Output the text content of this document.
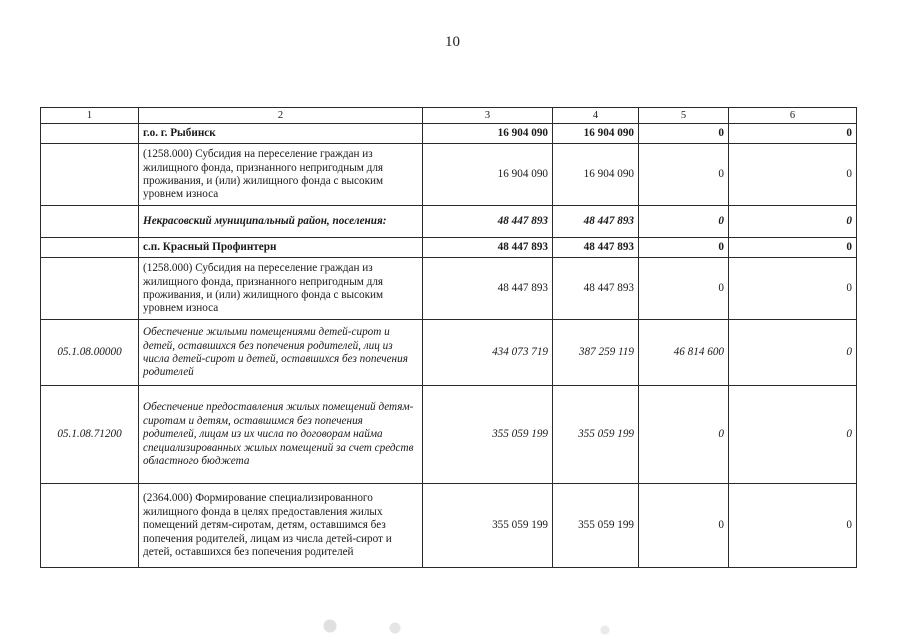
10
1	2	3	4	5	6
	г.о. г. Рыбинск	16 904 090	16 904 090	0	0
	(1258.000) Субсидия на переселение граждан из жилищного фонда, признанного непригодным для проживания, и (или) жилищного фонда с высоким уровнем износа	16 904 090	16 904 090	0	0
	Некрасовский муниципальный район, поселения:	48 447 893	48 447 893	0	0
	с.п. Красный Профинтерн	48 447 893	48 447 893	0	0
	(1258.000) Субсидия на переселение граждан из жилищного фонда, признанного непригодным для проживания, и (или) жилищного фонда с высоким уровнем износа	48 447 893	48 447 893	0	0
05.1.08.00000	Обеспечение жилыми помещениями детей-сирот и детей, оставшихся без попечения родителей, лиц из числа детей-сирот и детей, оставшихся без попечения родителей	434 073 719	387 259 119	46 814 600	0
05.1.08.71200	Обеспечение предоставления жилых помещений детям-сиротам и детям, оставшимся без попечения родителей, лицам из их числа по договорам найма специализированных жилых помещений за счет средств областного бюджета	355 059 199	355 059 199	0	0
	(2364.000) Формирование специализированного жилищного фонда в целях предоставления жилых помещений детям-сиротам, детям, оставшимся без попечения родителей, лицам из числа детей-сирот и детей, оставшихся без попечения родителей	355 059 199	355 059 199	0	0
